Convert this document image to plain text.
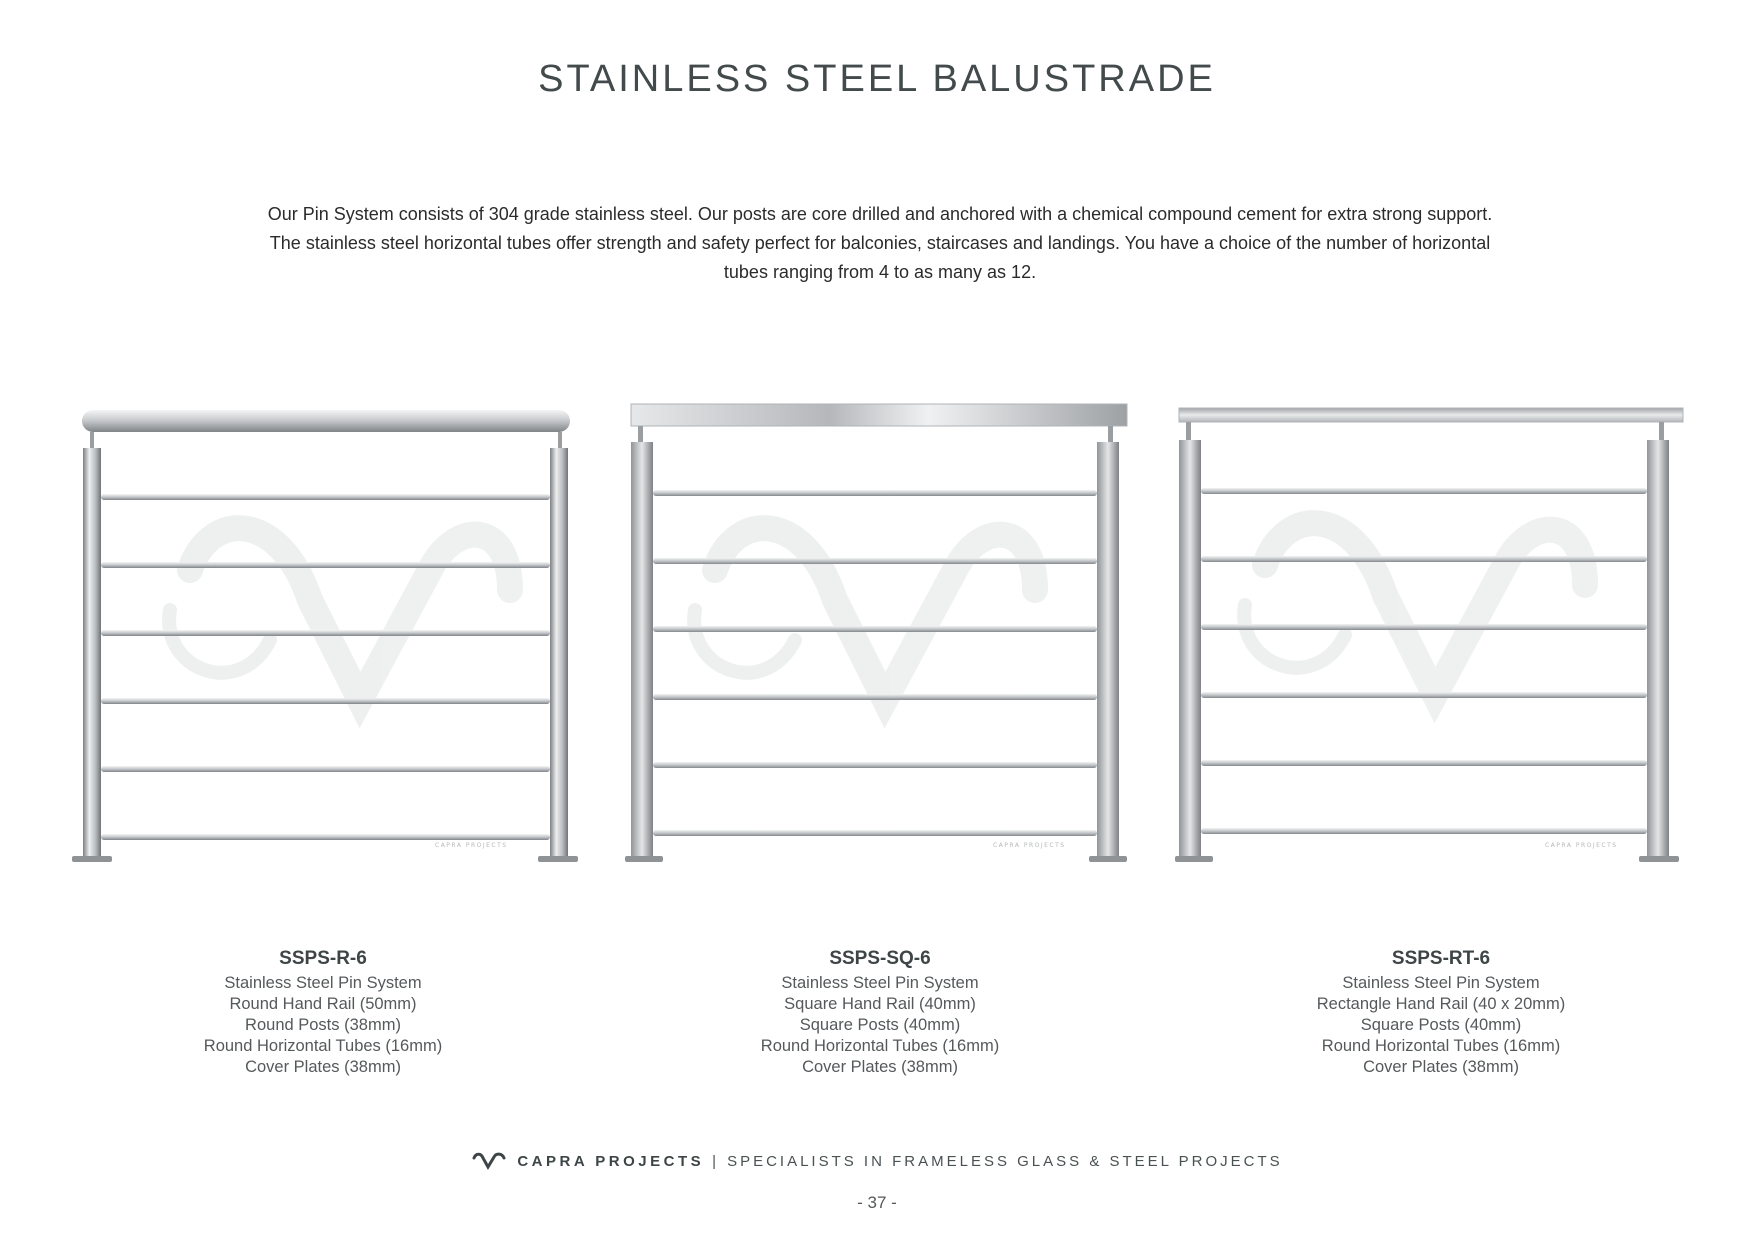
STAINLESS STEEL BALUSTRADE
Our Pin System consists of 304 grade stainless steel. Our posts are core drilled and anchored with a chemical compound cement for extra strong support. The stainless steel horizontal tubes offer strength and safety perfect for balconies, staircases and landings. You have a choice of the number of horizontal tubes ranging from 4 to as many as 12.
CAPRA PROJECTS	CAPRA PROJECTS	CAPRA PROJECTS
SSPS-R-6
Stainless Steel Pin System
Round Hand Rail (50mm)
Round Posts (38mm)
Round Horizontal Tubes (16mm)
Cover Plates (38mm)
SSPS-SQ-6
Stainless Steel Pin System
Square Hand Rail (40mm)
Square Posts (40mm)
Round Horizontal Tubes (16mm)
Cover Plates (38mm)
SSPS-RT-6
Stainless Steel Pin System
Rectangle Hand Rail (40 x 20mm)
Square Posts (40mm)
Round Horizontal Tubes (16mm)
Cover Plates (38mm)
CAPRA PROJECTS | SPECIALISTS IN FRAMELESS GLASS & STEEL PROJECTS
- 37 -
